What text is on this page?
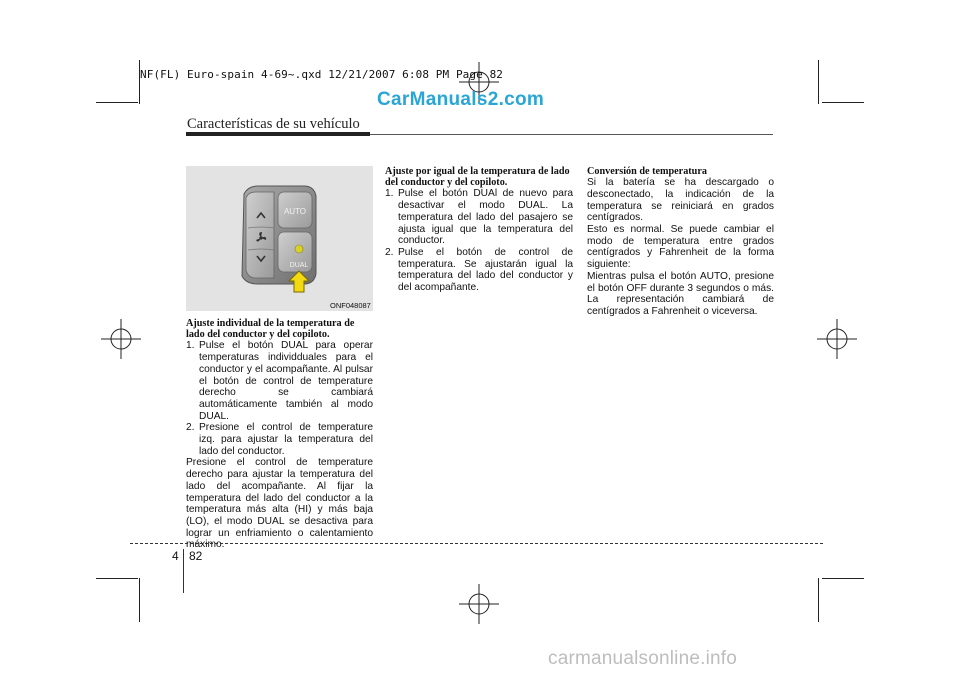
NF(FL) Euro-spain 4-69~.qxd 12/21/2007 6:08 PM Page 82
CarManuals2.com
Características de su vehículo
AUTO
DUAL
ONF048087
Ajuste individual de la temperatura de lado del conductor y del copiloto.
1. Pulse el botón DUAL para operar temperaturas individduales para el conductor y el acompañante. Al pulsar el botón de control de temperature derecho se cambiará automáticamente también al modo DUAL.
2. Presione el control de temperature izq. para ajustar la temperatura del lado del conductor.

Presione el control de temperature derecho para ajustar la temperatura del lado del acompañante. Al fijar la temperatura del lado del conductor a la temperatura más alta (HI) y más baja (LO), el modo DUAL se desactiva para lograr un enfriamiento o calentamiento máximo.

Ajuste por igual de la temperatura de lado del conductor y del copiloto.
1. Pulse el botón DUAl de nuevo para desactivar el modo DUAL. La temperatura del lado del pasajero se ajusta igual que la temperatura del conductor.
2. Pulse el botón de control de temperatura. Se ajustarán igual la temperatura del lado del conductor y del acompañante.
Conversión de temperatura

Si la batería se ha descargado o desconectado, la indicación de la temperatura se reiniciará en grados centígrados.

Esto es normal. Se puede cambiar el modo de temperatura entre grados centígrados y Fahrenheit de la forma siguiente:

Mientras pulsa el botón AUTO, presione el botón OFF durante 3 segundos o más. La representación cambiará de centígrados a Fahrenheit o viceversa.

4 82
carmanualsonline.info
